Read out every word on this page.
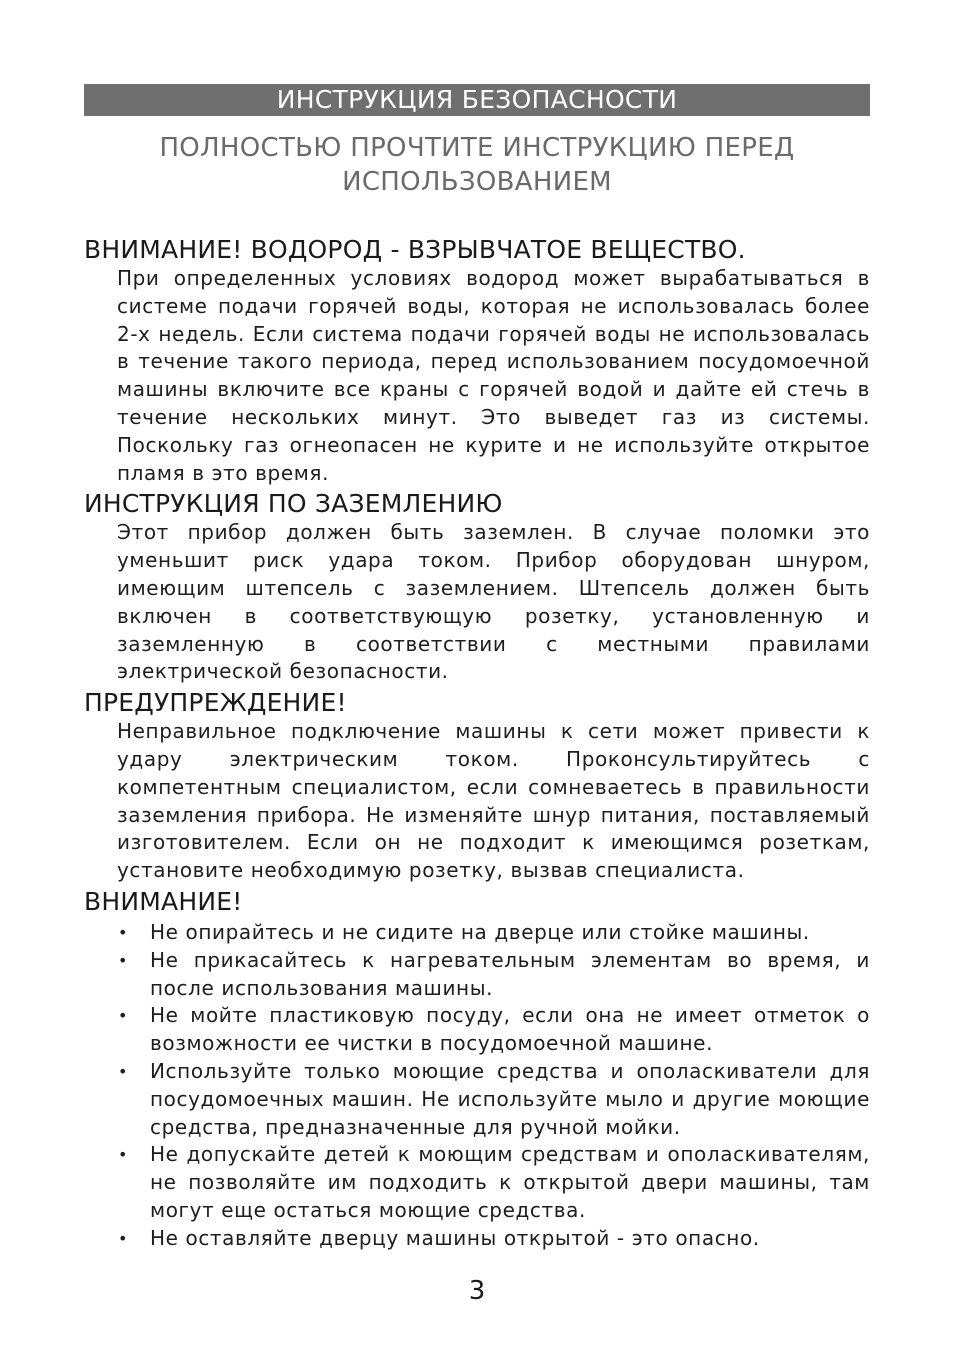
ИНСТРУКЦИЯ БЕЗОПАСНОСТИ
ПОЛНОСТЬЮ ПРОЧТИТЕ ИНСТРУКЦИЮ ПЕРЕД
ИСПОЛЬЗОВАНИЕМ
ВНИМАНИЕ! ВОДОРОД - ВЗРЫВЧАТОЕ ВЕЩЕСТВО.
При определенных условиях водород может вырабатываться в системе подачи горячей воды, которая не использовалась более 2-х недель. Если система подачи горячей воды не использовалась в течение такого периода, перед использованием посудомоечной машины включите все краны с горячей водой и дайте ей стечь в течение нескольких минут. Это выведет газ из системы. Поскольку газ огнеопасен не курите и не используйте открытое пламя в это время.
ИНСТРУКЦИЯ ПО ЗАЗЕМЛЕНИЮ
Этот прибор должен быть заземлен. В случае поломки это уменьшит риск удара током. Прибор оборудован шнуром, имеющим штепсель с заземлением. Штепсель должен быть включен в соответствующую розетку, установленную и заземленную в соответствии с местными правилами электрической безопасности.
ПРЕДУПРЕЖДЕНИЕ!
Неправильное подключение машины к сети может привести к удару электрическим током. Проконсультируйтесь с компетентным специалистом, если сомневаетесь в правильности заземления прибора. Не изменяйте шнур питания, поставляемый изготовителем. Если он не подходит к имеющимся розеткам, установите необходимую розетку, вызвав специалиста.
ВНИМАНИЕ!
• Не опирайтесь и не сидите на дверце или стойке машины.
• Не прикасайтесь к нагревательным элементам во время, и после использования машины.
• Не мойте пластиковую посуду, если она не имеет отметок о возможности ее чистки в посудомоечной машине.
• Используйте только моющие средства и ополаскиватели для посудомоечных машин. Не используйте мыло и другие моющие средства, предназначенные для ручной мойки.
• Не допускайте детей к моющим средствам и ополаскивателям, не позволяйте им подходить к открытой двери машины, там могут еще остаться моющие средства.
• Не оставляйте дверцу машины открытой - это опасно.
3
